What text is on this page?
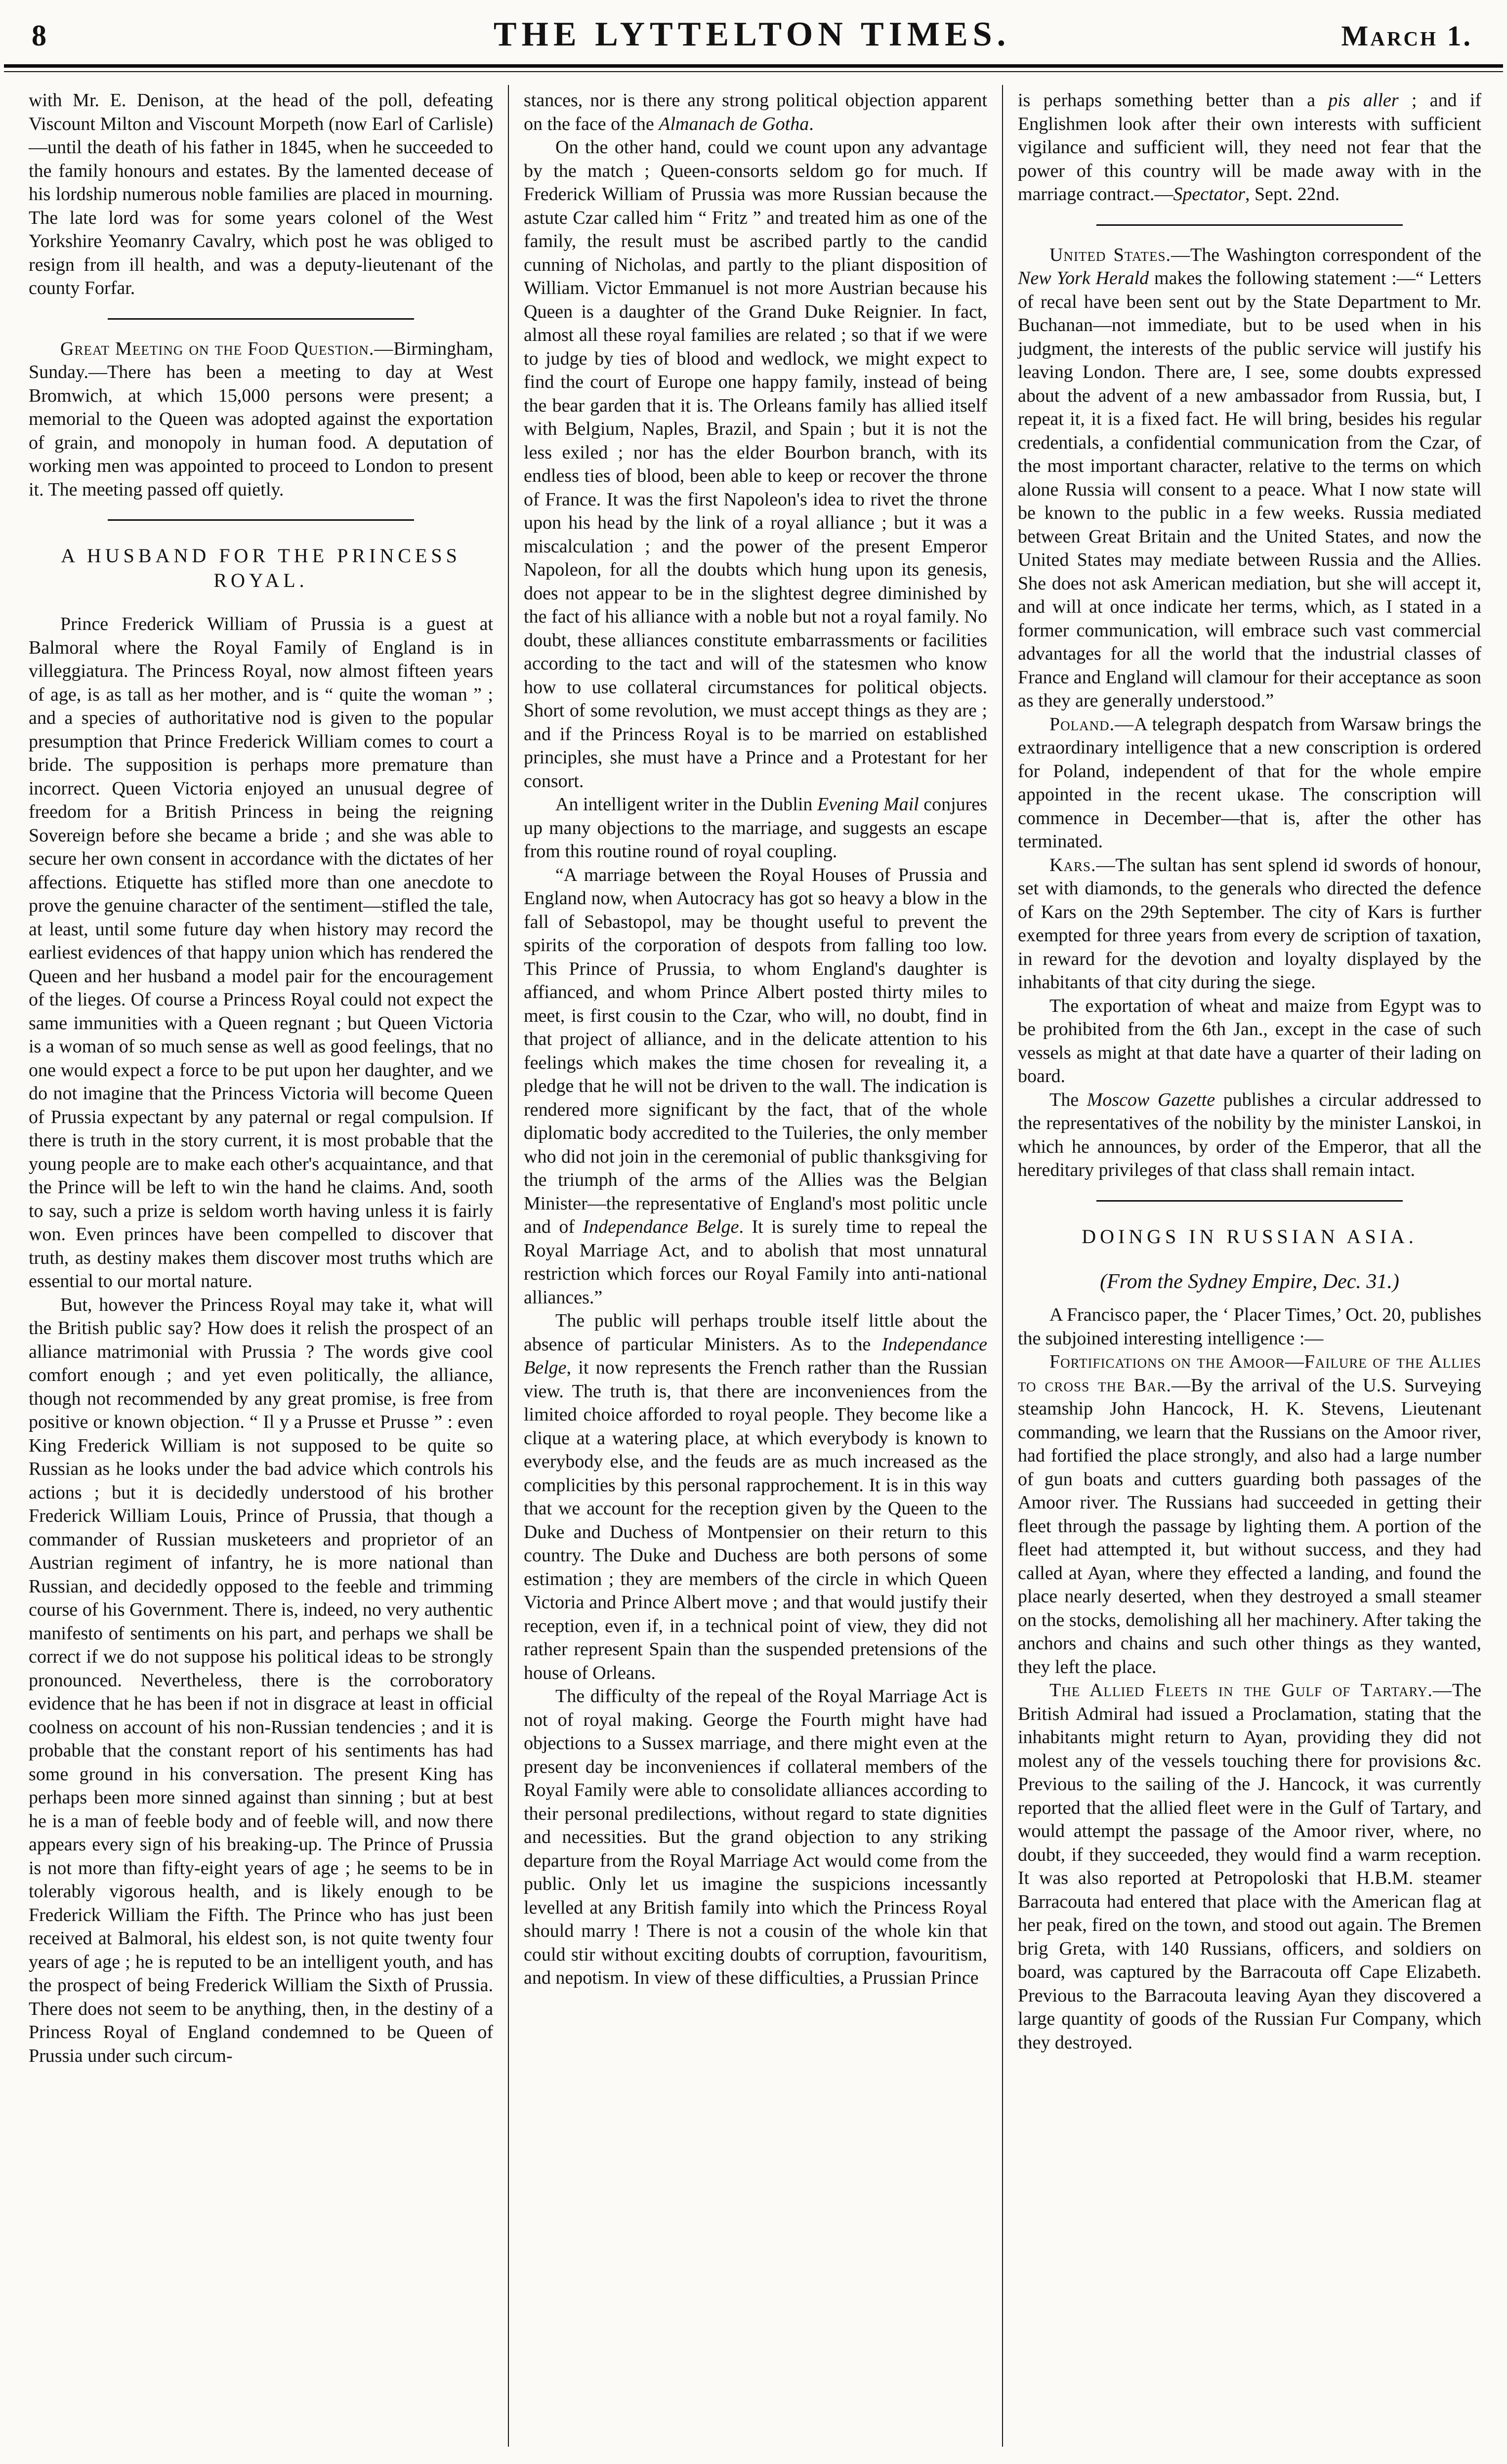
8	THE LYTTELTON TIMES.	March 1.

with Mr. E. Denison, at the head of the poll, defeating Viscount Milton and Viscount Morpeth (now Earl of Carlisle)—until the death of his father in 1845, when he succeeded to the family honours and estates. By the lamented decease of his lordship numerous noble families are placed in mourning. The late lord was for some years colonel of the West Yorkshire Yeomanry Cavalry, which post he was obliged to resign from ill health, and was a deputy-lieutenant of the county Forfar.

Great Meeting on the Food Question.—Birmingham, Sunday.—There has been a meeting to day at West Bromwich, at which 15,000 persons were present; a memorial to the Queen was adopted against the exportation of grain, and monopoly in human food. A deputation of working men was appointed to proceed to London to present it. The meeting passed off quietly.

A HUSBAND FOR THE PRINCESS ROYAL.

Prince Frederick William of Prussia is a guest at Balmoral where the Royal Family of England is in villeggiatura. The Princess Royal, now almost fifteen years of age, is as tall as her mother, and is “ quite the woman ” ; and a species of authoritative nod is given to the popular presumption that Prince Frederick William comes to court a bride. The supposition is perhaps more premature than incorrect. Queen Victoria enjoyed an unusual degree of freedom for a British Princess in being the reigning Sovereign before she became a bride ; and she was able to secure her own consent in accordance with the dictates of her affections. Etiquette has stifled more than one anecdote to prove the genuine character of the sentiment—stifled the tale, at least, until some future day when history may record the earliest evidences of that happy union which has rendered the Queen and her husband a model pair for the encouragement of the lieges. Of course a Princess Royal could not expect the same immunities with a Queen regnant ; but Queen Victoria is a woman of so much sense as well as good feelings, that no one would expect a force to be put upon her daughter, and we do not imagine that the Princess Victoria will become Queen of Prussia expectant by any paternal or regal compulsion. If there is truth in the story current, it is most probable that the young people are to make each other's acquaintance, and that the Prince will be left to win the hand he claims. And, sooth to say, such a prize is seldom worth having unless it is fairly won. Even princes have been compelled to discover that truth, as destiny makes them discover most truths which are essential to our mortal nature.

But, however the Princess Royal may take it, what will the British public say? How does it relish the prospect of an alliance matrimonial with Prussia ? The words give cool comfort enough ; and yet even politically, the alliance, though not recommended by any great promise, is free from positive or known objection. “ Il y a Prusse et Prusse ” : even King Frederick William is not supposed to be quite so Russian as he looks under the bad advice which controls his actions ; but it is decidedly understood of his brother Frederick William Louis, Prince of Prussia, that though a commander of Russian musketeers and proprietor of an Austrian regiment of infantry, he is more national than Russian, and decidedly opposed to the feeble and trimming course of his Government. There is, indeed, no very authentic manifesto of sentiments on his part, and perhaps we shall be correct if we do not suppose his political ideas to be strongly pronounced. Nevertheless, there is the corroboratory evidence that he has been if not in disgrace at least in official coolness on account of his non-Russian tendencies ; and it is probable that the constant report of his sentiments has had some ground in his conversation. The present King has perhaps been more sinned against than sinning ; but at best he is a man of feeble body and of feeble will, and now there appears every sign of his breaking-up. The Prince of Prussia is not more than fifty-eight years of age ; he seems to be in tolerably vigorous health, and is likely enough to be Frederick William the Fifth. The Prince who has just been received at Balmoral, his eldest son, is not quite twenty four years of age ; he is reputed to be an intelligent youth, and has the prospect of being Frederick William the Sixth of Prussia. There does not seem to be anything, then, in the destiny of a Princess Royal of England condemned to be Queen of Prussia under such circum-

stances, nor is there any strong political objection apparent on the face of the Almanach de Gotha.

On the other hand, could we count upon any advantage by the match ; Queen-consorts seldom go for much. If Frederick William of Prussia was more Russian because the astute Czar called him “ Fritz ” and treated him as one of the family, the result must be ascribed partly to the candid cunning of Nicholas, and partly to the pliant disposition of William. Victor Emmanuel is not more Austrian because his Queen is a daughter of the Grand Duke Reignier. In fact, almost all these royal families are related ; so that if we were to judge by ties of blood and wedlock, we might expect to find the court of Europe one happy family, instead of being the bear garden that it is. The Orleans family has allied itself with Belgium, Naples, Brazil, and Spain ; but it is not the less exiled ; nor has the elder Bourbon branch, with its endless ties of blood, been able to keep or recover the throne of France. It was the first Napoleon's idea to rivet the throne upon his head by the link of a royal alliance ; but it was a miscalculation ; and the power of the present Emperor Napoleon, for all the doubts which hung upon its genesis, does not appear to be in the slightest degree diminished by the fact of his alliance with a noble but not a royal family. No doubt, these alliances constitute embarrassments or facilities according to the tact and will of the statesmen who know how to use collateral circumstances for political objects. Short of some revolution, we must accept things as they are ; and if the Princess Royal is to be married on established principles, she must have a Prince and a Protestant for her consort.

An intelligent writer in the Dublin Evening Mail conjures up many objections to the marriage, and suggests an escape from this routine round of royal coupling.

“A marriage between the Royal Houses of Prussia and England now, when Autocracy has got so heavy a blow in the fall of Sebastopol, may be thought useful to prevent the spirits of the corporation of despots from falling too low. This Prince of Prussia, to whom England's daughter is affianced, and whom Prince Albert posted thirty miles to meet, is first cousin to the Czar, who will, no doubt, find in that project of alliance, and in the delicate attention to his feelings which makes the time chosen for revealing it, a pledge that he will not be driven to the wall. The indication is rendered more significant by the fact, that of the whole diplomatic body accredited to the Tuileries, the only member who did not join in the ceremonial of public thanksgiving for the triumph of the arms of the Allies was the Belgian Minister—the representative of England's most politic uncle and of Independance Belge. It is surely time to repeal the Royal Marriage Act, and to abolish that most unnatural restriction which forces our Royal Family into anti-national alliances.”

The public will perhaps trouble itself little about the absence of particular Ministers. As to the Independance Belge, it now represents the French rather than the Russian view. The truth is, that there are inconveniences from the limited choice afforded to royal people. They become like a clique at a watering place, at which everybody is known to everybody else, and the feuds are as much increased as the complicities by this personal rapprochement. It is in this way that we account for the reception given by the Queen to the Duke and Duchess of Montpensier on their return to this country. The Duke and Duchess are both persons of some estimation ; they are members of the circle in which Queen Victoria and Prince Albert move ; and that would justify their reception, even if, in a technical point of view, they did not rather represent Spain than the suspended pretensions of the house of Orleans.

The difficulty of the repeal of the Royal Marriage Act is not of royal making. George the Fourth might have had objections to a Sussex marriage, and there might even at the present day be inconveniences if collateral members of the Royal Family were able to consolidate alliances according to their personal predilections, without regard to state dignities and necessities. But the grand objection to any striking departure from the Royal Marriage Act would come from the public. Only let us imagine the suspicions incessantly levelled at any British family into which the Princess Royal should marry ! There is not a cousin of the whole kin that could stir without exciting doubts of corruption, favouritism, and nepotism. In view of these difficulties, a Prussian Prince

is perhaps something better than a pis aller ; and if Englishmen look after their own interests with sufficient vigilance and sufficient will, they need not fear that the power of this country will be made away with in the marriage contract.—Spectator, Sept. 22nd.

United States.—The Washington correspondent of the New York Herald makes the following statement :—“ Letters of recal have been sent out by the State Department to Mr. Buchanan—not immediate, but to be used when in his judgment, the interests of the public service will justify his leaving London. There are, I see, some doubts expressed about the advent of a new ambassador from Russia, but, I repeat it, it is a fixed fact. He will bring, besides his regular credentials, a confidential communication from the Czar, of the most important character, relative to the terms on which alone Russia will consent to a peace. What I now state will be known to the public in a few weeks. Russia mediated between Great Britain and the United States, and now the United States may mediate between Russia and the Allies. She does not ask American mediation, but she will accept it, and will at once indicate her terms, which, as I stated in a former communication, will embrace such vast commercial advantages for all the world that the industrial classes of France and England will clamour for their acceptance as soon as they are generally understood.”

Poland.—A telegraph despatch from Warsaw brings the extraordinary intelligence that a new conscription is ordered for Poland, independent of that for the whole empire appointed in the recent ukase. The conscription will commence in December—that is, after the other has terminated.

Kars.—The sultan has sent splend id swords of honour, set with diamonds, to the generals who directed the defence of Kars on the 29th September. The city of Kars is further exempted for three years from every de scription of taxation, in reward for the devotion and loyalty displayed by the inhabitants of that city during the siege.

The exportation of wheat and maize from Egypt was to be prohibited from the 6th Jan., except in the case of such vessels as might at that date have a quarter of their lading on board.

The Moscow Gazette publishes a circular addressed to the representatives of the nobility by the minister Lanskoi, in which he announces, by order of the Emperor, that all the hereditary privileges of that class shall remain intact.

DOINGS IN RUSSIAN ASIA.
(From the Sydney Empire, Dec. 31.)

A Francisco paper, the ‘ Placer Times,’ Oct. 20, publishes the subjoined interesting intelligence :—

Fortifications on the Amoor—Failure of the Allies to cross the Bar.—By the arrival of the U.S. Surveying steamship John Hancock, H. K. Stevens, Lieutenant commanding, we learn that the Russians on the Amoor river, had fortified the place strongly, and also had a large number of gun boats and cutters guarding both passages of the Amoor river. The Russians had succeeded in getting their fleet through the passage by lighting them. A portion of the fleet had attempted it, but without success, and they had called at Ayan, where they effected a landing, and found the place nearly deserted, when they destroyed a small steamer on the stocks, demolishing all her machinery. After taking the anchors and chains and such other things as they wanted, they left the place.

The Allied Fleets in the Gulf of Tartary.—The British Admiral had issued a Proclamation, stating that the inhabitants might return to Ayan, providing they did not molest any of the vessels touching there for provisions &c. Previous to the sailing of the J. Hancock, it was currently reported that the allied fleet were in the Gulf of Tartary, and would attempt the passage of the Amoor river, where, no doubt, if they succeeded, they would find a warm reception. It was also reported at Petropoloski that H.B.M. steamer Barracouta had entered that place with the American flag at her peak, fired on the town, and stood out again. The Bremen brig Greta, with 140 Russians, officers, and soldiers on board, was captured by the Barracouta off Cape Elizabeth. Previous to the Barracouta leaving Ayan they discovered a large quantity of goods of the Russian Fur Company, which they destroyed.
